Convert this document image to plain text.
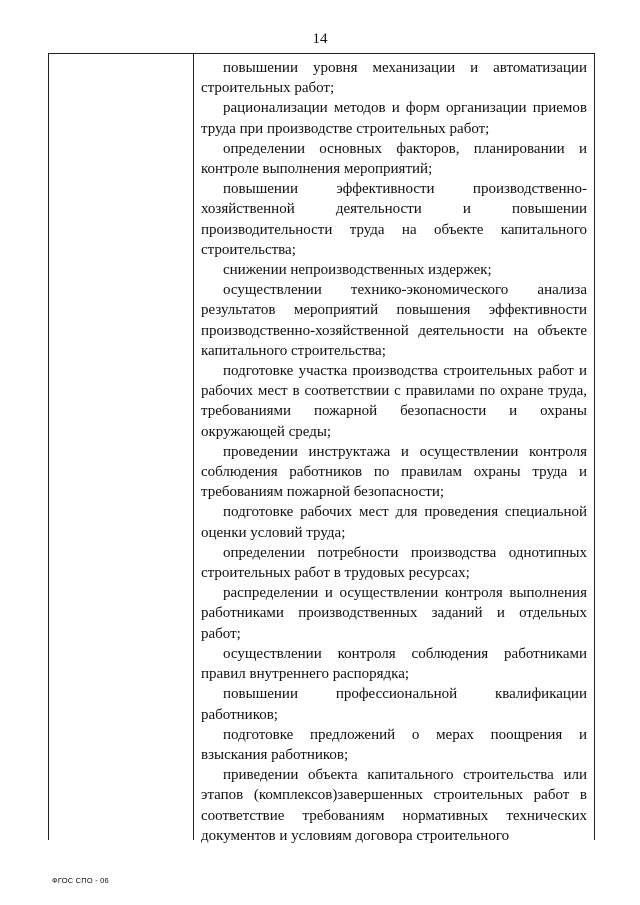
14

повышении уровня механизации и автоматизации строительных работ;

рационализации методов и форм организации приемов труда при производстве строительных работ;

определении основных факторов, планировании и контроле выполнения мероприятий;

повышении эффективности производственно-хозяйственной деятельности и повышении производительности труда на объекте капитального строительства;

снижении непроизводственных издержек;

осуществлении технико-экономического анализа результатов мероприятий повышения эффективности производственно-хозяйственной деятельности на объекте капитального строительства;

подготовке участка производства строительных работ и рабочих мест в соответствии с правилами по охране труда, требованиями пожарной безопасности и охраны окружающей среды;

проведении инструктажа и осуществлении контроля соблюдения работников по правилам охраны труда и требованиям пожарной безопасности;

подготовке рабочих мест для проведения специальной оценки условий труда;

определении потребности производства однотипных строительных работ в трудовых ресурсах;

распределении и осуществлении контроля выполнения работниками производственных заданий и отдельных работ;

осуществлении контроля соблюдения работниками правил внутреннего распорядка;

повышении профессиональной квалификации работников;

подготовке предложений о мерах поощрения и взыскания работников;

приведении объекта капитального строительства или этапов (комплексов)завершенных строительных работ в соответствие требованиям нормативных технических документов и условиям договора строительного

ФГОС СПО - 06
